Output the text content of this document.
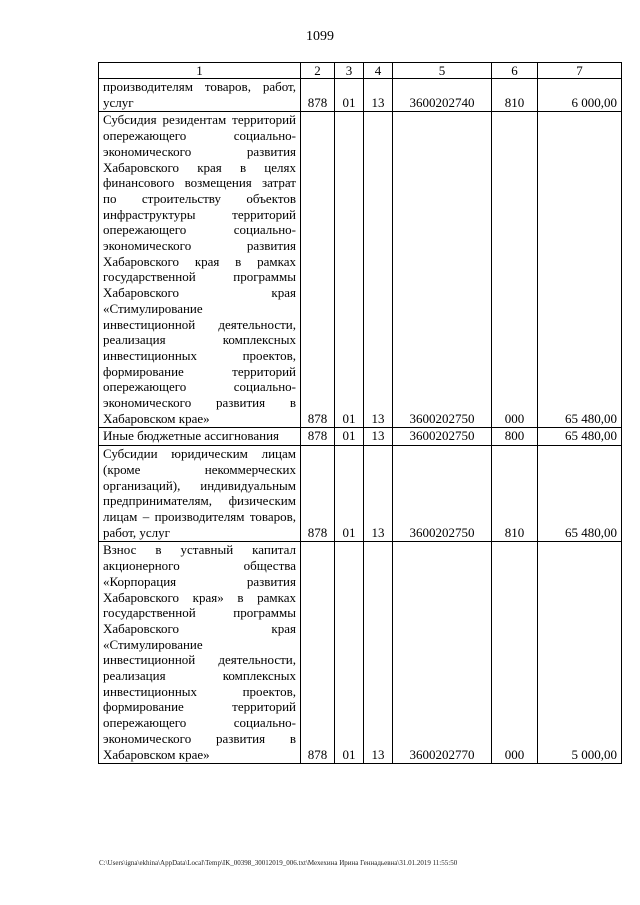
1099
1	2	3	4	5	6	7
производителям товаров, работ, услуг	878	01	13	3600202740	810	6 000,00
Субсидия резидентам территорий опережающего социально-экономического развития Хабаровского края в целях финансового возмещения затрат по строительству объектов инфраструктуры территорий опережающего социально-экономического развития Хабаровского края в рамках государственной программы Хабаровского края «Стимулирование инвестиционной деятельности, реализация комплексных инвестиционных проектов, формирование территорий опережающего социально-экономического развития в Хабаровском крае»	878	01	13	3600202750	000	65 480,00
Иные бюджетные ассигнования	878	01	13	3600202750	800	65 480,00
Субсидии юридическим лицам (кроме некоммерческих организаций), индивидуальным предпринимателям, физическим лицам – производителям товаров, работ, услуг	878	01	13	3600202750	810	65 480,00
Взнос в уставный капитал акционерного общества «Корпорация развития Хабаровского края» в рамках государственной программы Хабаровского края «Стимулирование инвестиционной деятельности, реализация комплексных инвестиционных проектов, формирование территорий опережающего социально-экономического развития в Хабаровском крае»	878	01	13	3600202770	000	5 000,00
C:\Users\igna\ekhina\AppData\Local\Temp\IK_00398_30012019_006.txt\Мехехина Ирина Геннадьевна\31.01.2019 11:55:50
